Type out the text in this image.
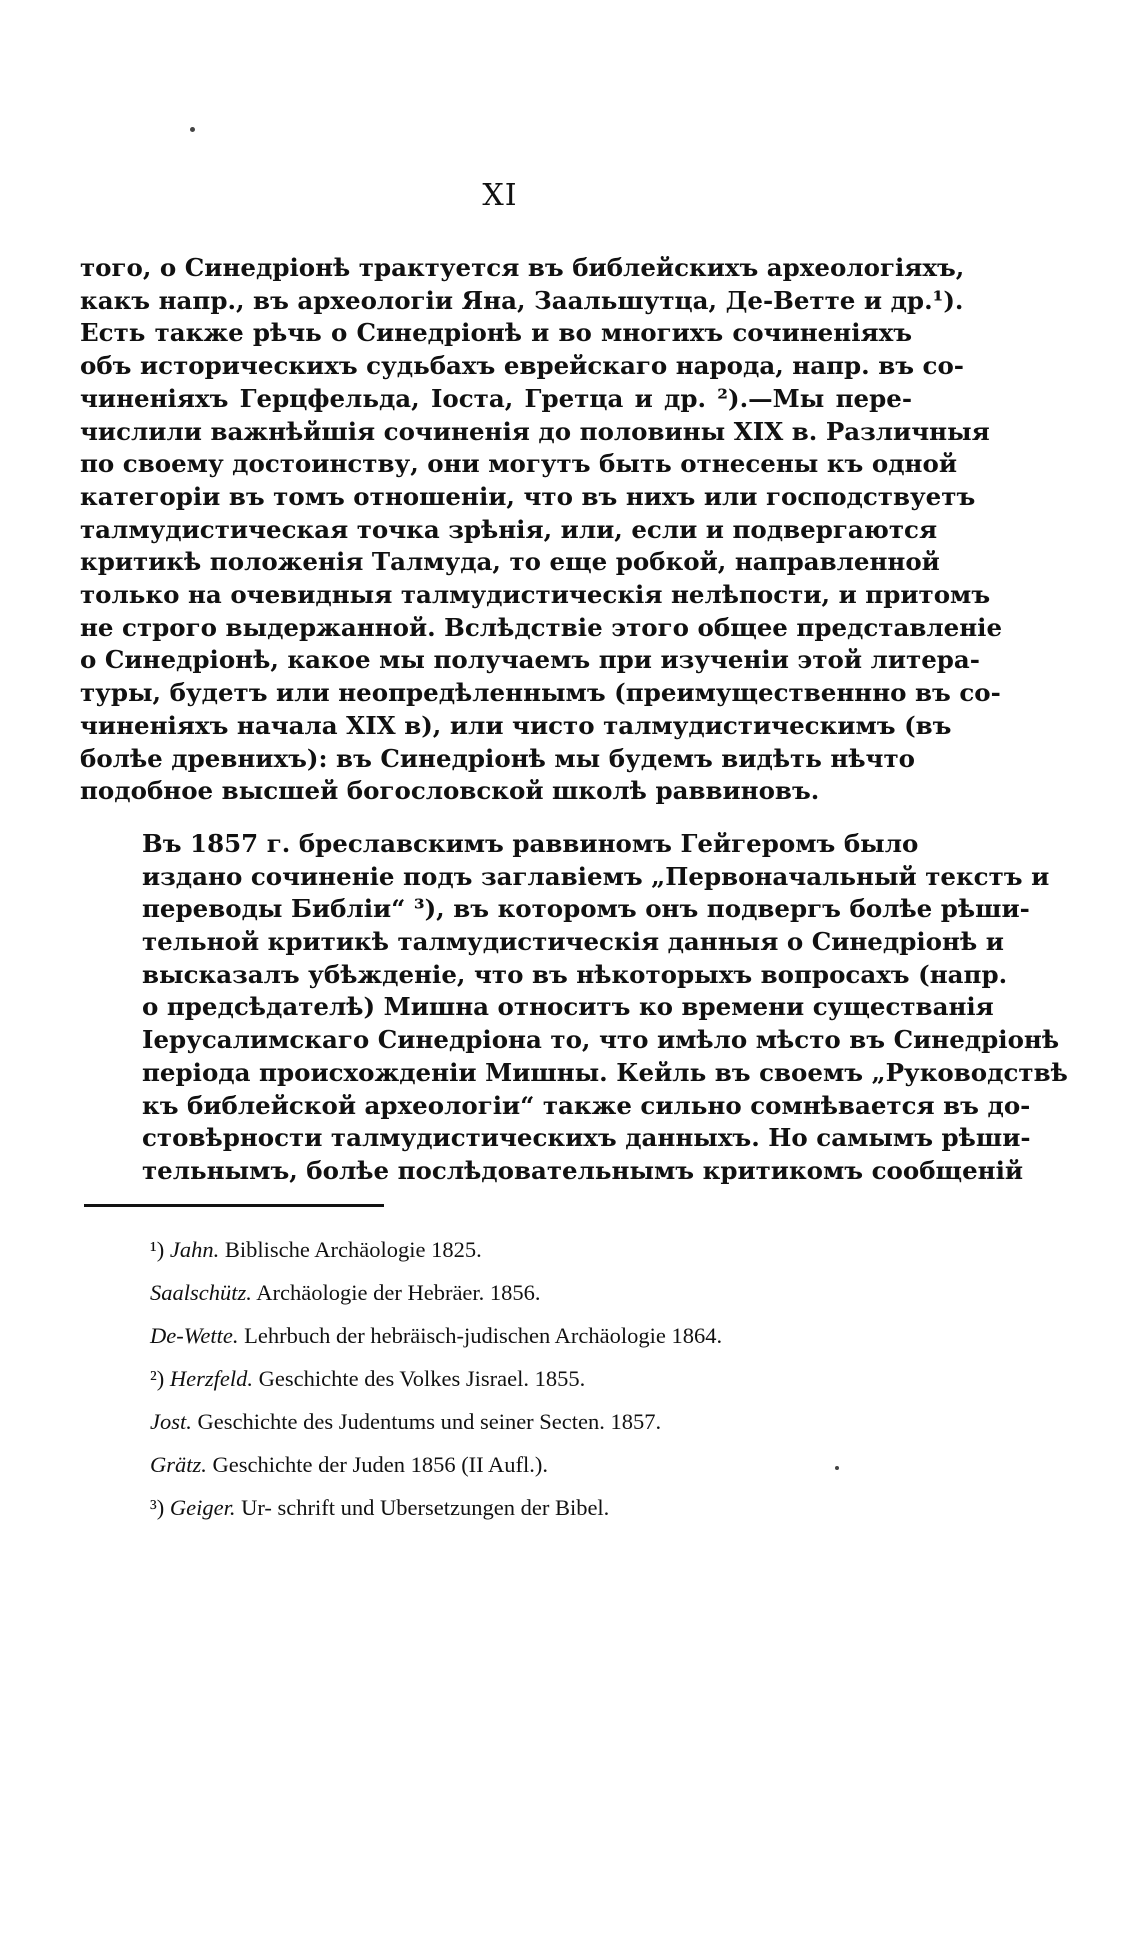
XI

того, о Синедріонѣ трактуется въ библейскихъ археологіяхъ,
какъ напр., въ археологіи Яна, Заальшутца, Де-Ветте и др.¹).
Есть также рѣчь о Синедріонѣ и во многихъ сочиненіяхъ
объ историческихъ судьбахъ еврейскаго народа, напр. въ со-
чиненіяхъ Герцфельда, Іоста, Гретца и др. ²).—Мы пере-
числили важнѣйшія сочиненія до половины XIX в. Различныя
по своему достоинству, они могутъ быть отнесены къ одной
категоріи въ томъ отношеніи, что въ нихъ или господствуетъ
талмудистическая точка зрѣнія, или, если и подвергаются
критикѣ положенія Талмуда, то еще робкой, направленной
только на очевидныя талмудистическія нелѣпости, и притомъ
не строго выдержанной. Вслѣдствіе этого общее представленіе
о Синедріонѣ, какое мы получаемъ при изученіи этой литера-
туры, будетъ или неопредѣленнымъ (преимущественнно въ со-
чиненіяхъ начала XIX в), или чисто талмудистическимъ (въ
болѣе древнихъ): въ Синедріонѣ мы будемъ видѣть нѣчто
подобное высшей богословской школѣ раввиновъ.

Въ 1857 г. бреславскимъ раввиномъ Гейгеромъ было
издано сочиненіе подъ заглавіемъ „Первоначальный текстъ и
переводы Библіи“ ³), въ которомъ онъ подвергъ болѣе рѣши-
тельной критикѣ талмудистическія данныя о Синедріонѣ и
высказалъ убѣжденіе, что въ нѣкоторыхъ вопросахъ (напр.
о предсѣдателѣ) Мишна относитъ ко времени существанія
Іерусалимскаго Синедріона то, что имѣло мѣсто въ Синедріонѣ
періода происхожденіи Мишны. Кейль въ своемъ „Руководствѣ
къ библейской археологіи“ также сильно сомнѣвается въ до-
стовѣрности талмудистическихъ данныхъ. Но самымъ рѣши-
тельнымъ, болѣе послѣдовательнымъ критикомъ сообщеній

¹) Jahn. Biblische Archäologie 1825.
Saalschütz. Archäologie der Hebräer. 1856.
De-Wette. Lehrbuch der hebräisch-judischen Archäologie 1864.
²) Herzfeld. Geschichte des Volkes Jisrael. 1855.
Jost. Geschichte des Judentums und seiner Secten. 1857.
Grätz. Geschichte der Juden 1856 (II Aufl.).
³) Geiger. Ur- schrift und Ubersetzungen der Bibel.
